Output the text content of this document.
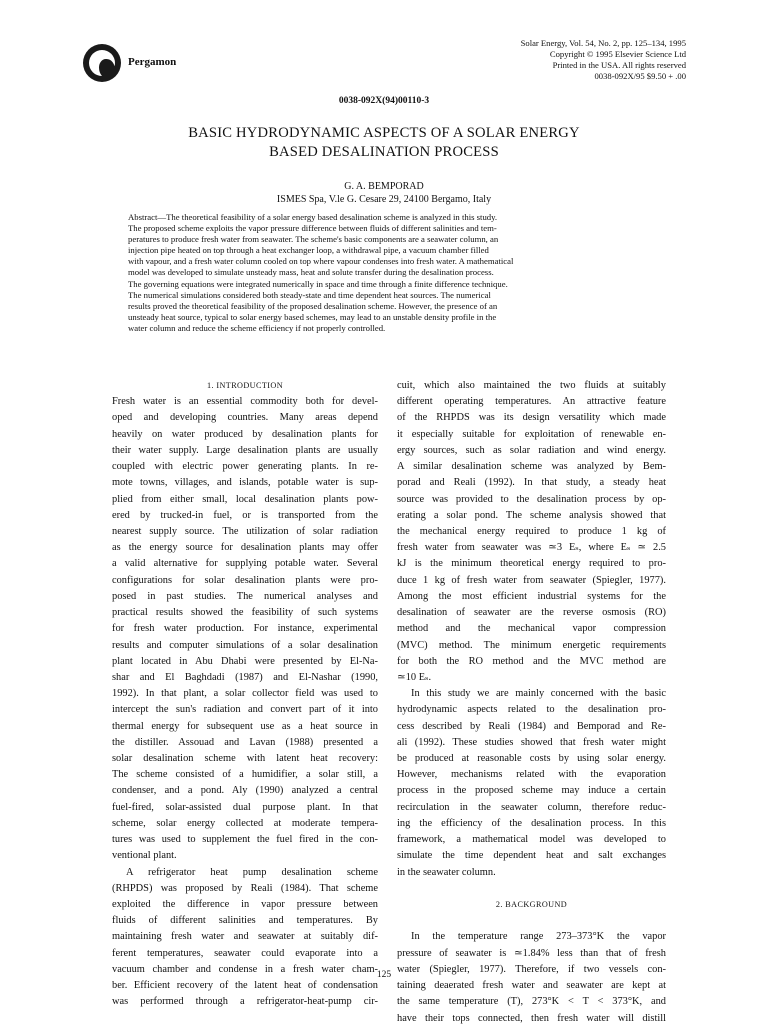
Pergamon
Solar Energy, Vol. 54, No. 2, pp. 125–134, 1995
Copyright © 1995 Elsevier Science Ltd
Printed in the USA. All rights reserved
0038-092X/95 $9.50 + .00
0038-092X(94)00110-3
BASIC HYDRODYNAMIC ASPECTS OF A SOLAR ENERGY
BASED DESALINATION PROCESS
G. A. BEMPORAD
ISMES Spa, V.le G. Cesare 29, 24100 Bergamo, Italy
Abstract—The theoretical feasibility of a solar energy based desalination scheme is analyzed in this study.
The proposed scheme exploits the vapor pressure difference between fluids of different salinities and tem-
peratures to produce fresh water from seawater. The scheme's basic components are a seawater column, an
injection pipe heated on top through a heat exchanger loop, a withdrawal pipe, a vacuum chamber filled
with vapour, and a fresh water column cooled on top where vapour condenses into fresh water. A mathematical
model was developed to simulate unsteady mass, heat and solute transfer during the desalination process.
The governing equations were integrated numerically in space and time through a finite difference technique.
The numerical simulations considered both steady-state and time dependent heat sources. The numerical
results proved the theoretical feasibility of the proposed desalination scheme. However, the presence of an
unsteady heat source, typical to solar energy based schemes, may lead to an unstable density profile in the
water column and reduce the scheme efficiency if not properly controlled.
1. INTRODUCTION
Fresh water is an essential commodity both for devel-
oped and developing countries. Many areas depend
heavily on water produced by desalination plants for
their water supply. Large desalination plants are usually
coupled with electric power generating plants. In re-
mote towns, villages, and islands, potable water is sup-
plied from either small, local desalination plants pow-
ered by trucked-in fuel, or is transported from the
nearest supply source. The utilization of solar radiation
as the energy source for desalination plants may offer
a valid alternative for supplying potable water. Several
configurations for solar desalination plants were pro-
posed in past studies. The numerical analyses and
practical results showed the feasibility of such systems
for fresh water production. For instance, experimental
results and computer simulations of a solar desalination
plant located in Abu Dhabi were presented by El-Na-
shar and El Baghdadi (1987) and El-Nashar (1990,
1992). In that plant, a solar collector field was used to
intercept the sun's radiation and convert part of it into
thermal energy for subsequent use as a heat source in
the distiller. Assouad and Lavan (1988) presented a
solar desalination scheme with latent heat recovery:
The scheme consisted of a humidifier, a solar still, a
condenser, and a pond. Aly (1990) analyzed a central
fuel-fired, solar-assisted dual purpose plant. In that
scheme, solar energy collected at moderate tempera-
tures was used to supplement the fuel fired in the con-
ventional plant.
A refrigerator heat pump desalination scheme
(RHPDS) was proposed by Reali (1984). That scheme
exploited the difference in vapor pressure between
fluids of different salinities and temperatures. By
maintaining fresh water and seawater at suitably dif-
ferent temperatures, seawater could evaporate into a
vacuum chamber and condense in a fresh water cham-
ber. Efficient recovery of the latent heat of condensation
was performed through a refrigerator-heat-pump cir-
cuit, which also maintained the two fluids at suitably
different operating temperatures. An attractive feature
of the RHPDS was its design versatility which made
it especially suitable for exploitation of renewable en-
ergy sources, such as solar radiation and wind energy.
A similar desalination scheme was analyzed by Bem-
porad and Reali (1992). In that study, a steady heat
source was provided to the desalination process by op-
erating a solar pond. The scheme analysis showed that
the mechanical energy required to produce 1 kg of
fresh water from seawater was ≃3 Eₛ, where Eₛ ≃ 2.5
kJ is the minimum theoretical energy required to pro-
duce 1 kg of fresh water from seawater (Spiegler, 1977).
Among the most efficient industrial systems for the
desalination of seawater are the reverse osmosis (RO)
method and the mechanical vapor compression
(MVC) method. The minimum energetic requirements
for both the RO method and the MVC method are
≃10 Eₛ.
In this study we are mainly concerned with the basic
hydrodynamic aspects related to the desalination pro-
cess described by Reali (1984) and Bemporad and Re-
ali (1992). These studies showed that fresh water might
be produced at reasonable costs by using solar energy.
However, mechanisms related with the evaporation
process in the proposed scheme may induce a certain
recirculation in the seawater column, therefore reduc-
ing the efficiency of the desalination process. In this
framework, a mathematical model was developed to
simulate the time dependent heat and salt exchanges
in the seawater column.
2. BACKGROUND
In the temperature range 273–373°K the vapor
pressure of seawater is ≃1.84% less than that of fresh
water (Spiegler, 1977). Therefore, if two vessels con-
taining deaerated fresh water and seawater are kept at
the same temperature (T), 273°K < T < 373°K, and
have their tops connected, then fresh water will distill
125
